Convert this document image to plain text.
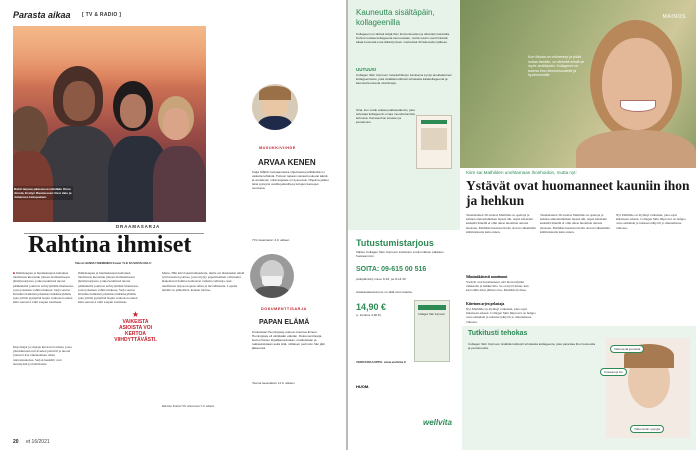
Parasta aikaa [ TV & RADIO ]
Rahti tarjoaa pääosissa nähdään Onne Ainola, Evelyn Rasmussen Ossi Jalo ja Johannes Holopainen.
DRAAMASARJA
Rahtina ihmiset
Teksti HANNU NIEMINEN Kuvat YLE KUVAPALVELU
■ Ihmiskaupan ja huumekaupan kaltainen rikollisuus kietoutuu yhteen dramaattisessa jännityssarjassa, jonka keskiössä nuoret päähenkilöt joutuvat selviytymään tilanteessa, jossa jokainen valinta maksaa. Sarja seuraa Kristiina Kiikalan johtamaa tutkintaryhmää, joka yrittää pysäyttää laajan verkoston ennen kuin seuraava rahti saapuu satamaan.
Kirjoittajat ja ohjaaja kuvaavat tarinaa, jossa yhteiskunnan turvaverkot pettävät ja nuoret joutuvat itse rakentamaan oman tulevaisuutensa. Sarjan henkilöt ovat monisyisiä ja ristiriitaisia.
Ihmiskaupan ja huumekaupan kaltainen rikollisuus kietoutuu yhteen dramaattisessa jännityssarjassa, jonka keskiössä nuoret päähenkilöt joutuvat selviytymään tilanteessa, jossa jokainen valinta maksaa. Sarja seuraa Kristiina Kiikalan johtamaa tutkintaryhmää, joka yrittää pysäyttää laajan verkoston ennen kuin seuraava rahti saapuu satamaan.
★
VAIKEISTA ASIOISTA VOI KERTOA VIIHDYTTÄVÄSTI.
Maria, Hän kävi lapsettomuudesta, mutta sai tilaisuuden tehdä työtä nuorten parissa, jossa löytyy paperittomien vahvuudet. Rakentavat hahmot kohtaavat vaikeita valintoja, kun rikollisuus tarjoaa nopeaa rahaa ja turvallisuutta. Lopulta heidän on päätettävä, keneen luottaa.
Rahtina ihmiset Yle Areenassa 5.9. alkaen.
MUSIIKKIVIIHDE
ARVAA KENEN
Katja Ståhlin luotsaamassa ohjelmassa julkkiksilla on vaikeita tehtäviä. Tuttuun tapaan vieraat kuulevat ääniä ja arvailevat, mikä kappale on kyseessä. Ohjelma jatkuu tänä syksynä uusilla jaksoilla ja tuttujen kasvojen seurassa.
TV1 lauantaisin 4.9. alkaen.
DOKUMENTTISARJA
PAPAN ELÄMÄ
Kuuluisaan Hemingway-sukuun kuuluva Ernest Hemingway eli värikkään elämän. Dokumenttisarja kertoo hänen kirjailijanurastaan, matkoistaan ja rakkauksistaan sekä siitä, millaisen perinnön hän jätti jälkeensä.
Teema lauantaisin 11.9. alkaen.
20 et 16/2021
MAINOS
Kun ikkuna on ohimennyt ja pitää hoitaa itseään, on tärkeää tehdä se myös sisältäpäin. Kollageeni on tukena ihon kimmoisuudelle ja hyvinvoinnille.
Kauneutta sisältäpäin, kollageenilla
Kollageeni on tärkeä tekijä ihon kimmoisuuden ja ulkonäön kannalta. Kehosi tuottaa kollageenia luonnostaan, mutta suurin osa ihmisistä alkaa huomata eroa ikääntymisen merkeissä 30 ikävuoden jälkeen.
UUTUUS!
Collagen Skin Improver tuotekehittelyn tuloksena syntyi ainutlaatuinen kollageenituote, joka sisältää tutkitusti tehokasta kalakollageenia ja kauneutta tukevia vitamiineja.
Sinä, kun voide auttaa pakkaselämän, joka tehostaa kollageenin omaa muodostumista kehossa. Kasvaa ihon kosteus ja joustavuus.
Tutustumistarjous
Valitse Collagen Skin Improver kokeiluun ensimmäinen pakkaus huokeammin.
SOITA: 09-615 00 516
(arkipäivisin) ma-to 8-16, pe 8-14.30
Asiakaspalvelumme on tällä sivun kautta.
14,90 €
(+ toimitus 4,90 €)
VERKKOKAUPPA: www.wellvita.fi
Collagen Skin Improver
HUOM.
wellvita
Kiire sai Mathilden unohtamaan ihonhoidon, mutta nyt:
Ystävät ovat huomanneet kauniin ihon ja hehkun
Tanskalainen 39-vuotias Mathilde on opettaja ja kahden alakouluikäisen lapsen äiti. Arjen kiireiden keskellä hänellä ei ollut aikaa huolehtia omasta ihostaan. Mathilde huomasi iholla olevan vähemmän kimmoisuutta kuin ennen.
Silmänäköisesti muuttunut
Ystävät ovat huomanneet, että ihoni näyttää raikkaalta ja hehkuvalta. Se on hyvä tunne, kun kasvoihin tulee jälleen eloa, Mathilde iloitsee.
Kiireinen arjen pelastaja
Nyt Mathilde on löytänyt ratkaisun, joka sopii kiireiseen arkeen. Collagen Skin Improver on helppo ottaa aamuisin ja tulokset näkyvät jo muutamassa viikossa.
Tanskalainen 39-vuotias Mathilde on opettaja ja kahden alakouluikäisen lapsen äiti. Arjen kiireiden keskellä hänellä ei ollut aikaa huolehtia omasta ihostaan. Mathilde huomasi iholla olevan vähemmän kimmoisuutta kuin ennen.
Nyt Mathilde on löytänyt ratkaisun, joka sopii kiireiseen arkeen. Collagen Skin Improver on helppo ottaa aamuisin ja tulokset näkyvät jo muutamassa viikossa.
Tutkitusti tehokas
Collagen Skin Improver sisältää tutkitusti tehokasta kollageenia, joka parantaa ihon kosteutta ja joustavuutta.	Väheneviä juonteita
Kosteampi iho
Vähemmän ryppyjä
